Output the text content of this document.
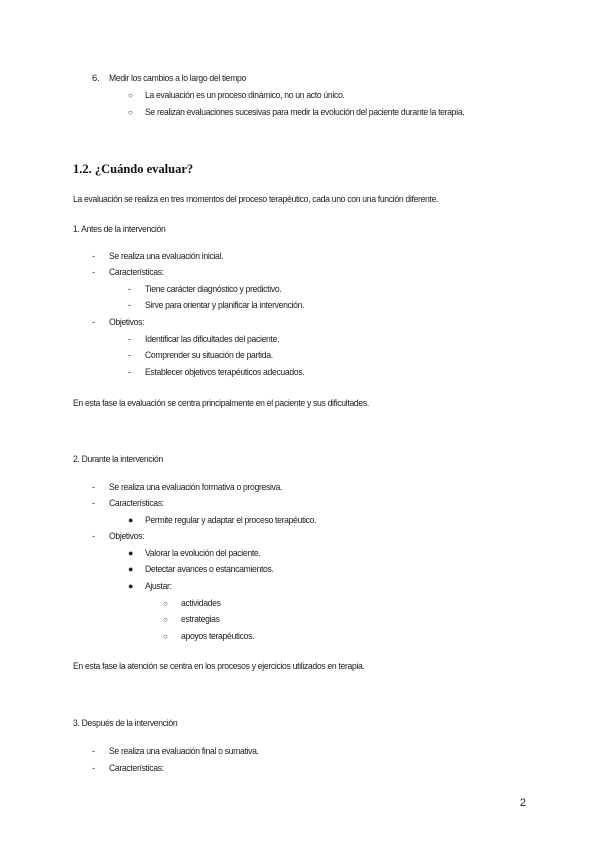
6. Medir los cambios a lo largo del tiempo
○ La evaluación es un proceso dinámico, no un acto único.
○ Se realizan evaluaciones sucesivas para medir la evolución del paciente durante la terapia.
1.2. ¿Cuándo evaluar?
La evaluación se realiza en tres momentos del proceso terapéutico, cada uno con una función diferente.
1. Antes de la intervención
- Se realiza una evaluación inicial.
- Características:
- Tiene carácter diagnóstico y predictivo.
- Sirve para orientar y planificar la intervención.
- Objetivos:
- Identificar las dificultades del paciente.
- Comprender su situación de partida.
- Establecer objetivos terapéuticos adecuados.
En esta fase la evaluación se centra principalmente en el paciente y sus dificultades.
2. Durante la intervención
- Se realiza una evaluación formativa o progresiva.
- Características:
● Permite regular y adaptar el proceso terapéutico.
- Objetivos:
● Valorar la evolución del paciente.
● Detectar avances o estancamientos.
● Ajustar:
○ actividades
○ estrategias
○ apoyos terapéuticos.
En esta fase la atención se centra en los procesos y ejercicios utilizados en terapia.
3. Después de la intervención
- Se realiza una evaluación final o sumativa.
- Características:
2
